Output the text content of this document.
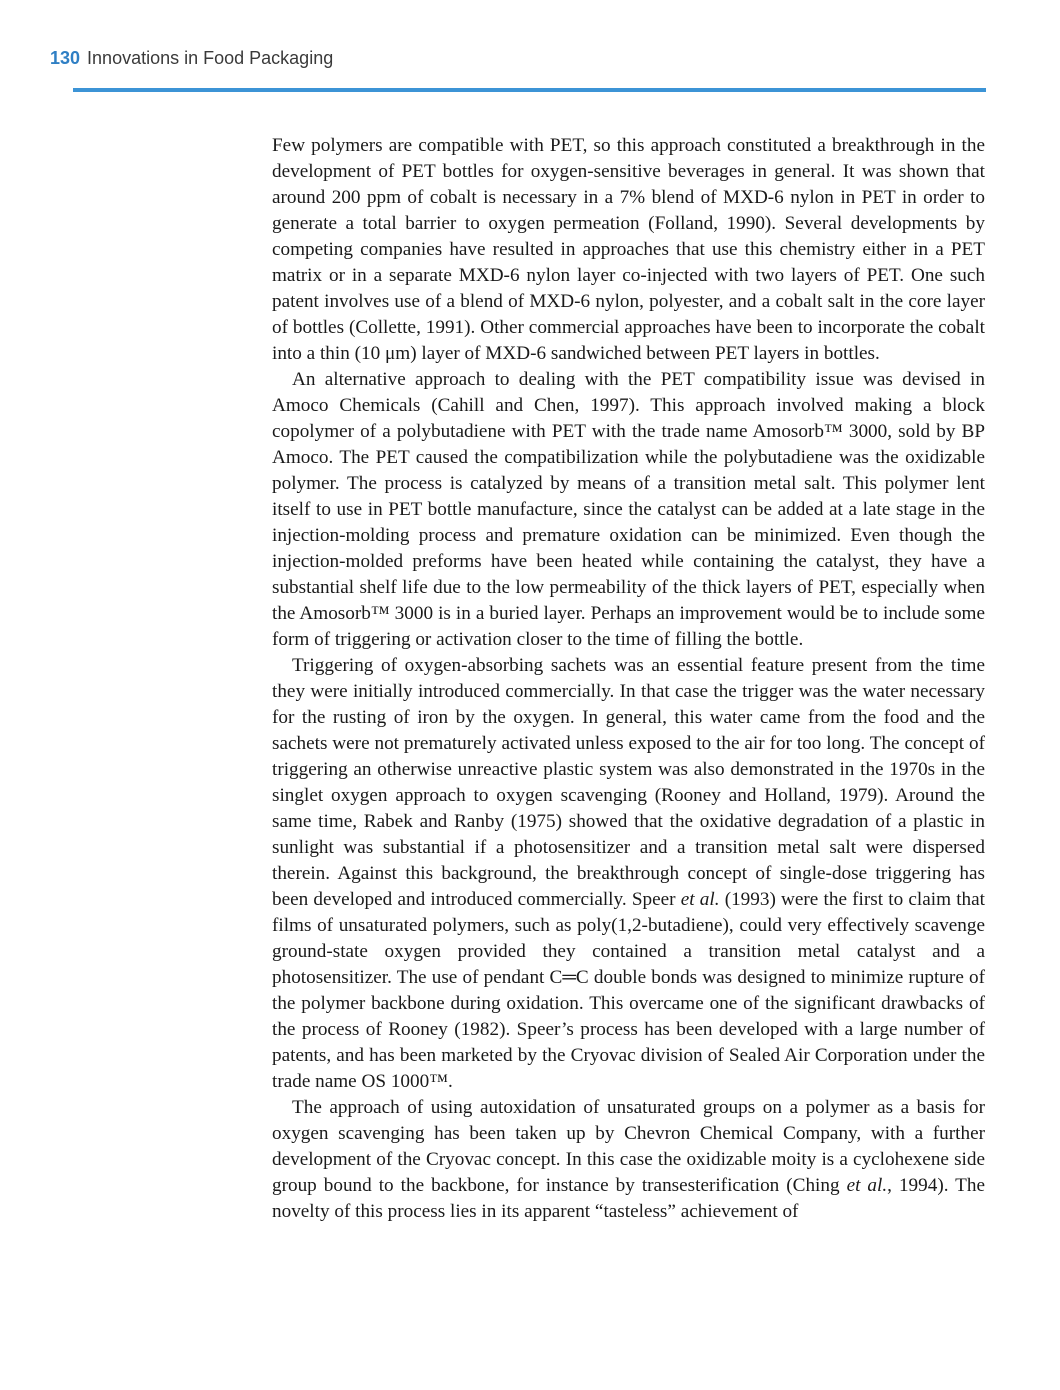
130 Innovations in Food Packaging

Few polymers are compatible with PET, so this approach constituted a breakthrough in the development of PET bottles for oxygen-sensitive beverages in general. It was shown that around 200 ppm of cobalt is necessary in a 7% blend of MXD-6 nylon in PET in order to generate a total barrier to oxygen permeation (Folland, 1990). Several developments by competing companies have resulted in approaches that use this chemistry either in a PET matrix or in a separate MXD-6 nylon layer co-injected with two layers of PET. One such patent involves use of a blend of MXD-6 nylon, polyester, and a cobalt salt in the core layer of bottles (Collette, 1991). Other commercial approaches have been to incorporate the cobalt into a thin (10 μm) layer of MXD-6 sandwiched between PET layers in bottles.

An alternative approach to dealing with the PET compatibility issue was devised in Amoco Chemicals (Cahill and Chen, 1997). This approach involved making a block copolymer of a polybutadiene with PET with the trade name Amosorb™ 3000, sold by BP Amoco. The PET caused the compatibilization while the polybutadiene was the oxidizable polymer. The process is catalyzed by means of a transition metal salt. This polymer lent itself to use in PET bottle manufacture, since the catalyst can be added at a late stage in the injection-molding process and premature oxidation can be minimized. Even though the injection-molded preforms have been heated while containing the catalyst, they have a substantial shelf life due to the low permeability of the thick layers of PET, especially when the Amosorb™ 3000 is in a buried layer. Perhaps an improvement would be to include some form of triggering or activation closer to the time of filling the bottle.

Triggering of oxygen-absorbing sachets was an essential feature present from the time they were initially introduced commercially. In that case the trigger was the water necessary for the rusting of iron by the oxygen. In general, this water came from the food and the sachets were not prematurely activated unless exposed to the air for too long. The concept of triggering an otherwise unreactive plastic system was also demonstrated in the 1970s in the singlet oxygen approach to oxygen scavenging (Rooney and Holland, 1979). Around the same time, Rabek and Ranby (1975) showed that the oxidative degradation of a plastic in sunlight was substantial if a photosensitizer and a transition metal salt were dispersed therein. Against this background, the breakthrough concept of single-dose triggering has been developed and introduced commercially. Speer et al. (1993) were the first to claim that films of unsaturated polymers, such as poly(1,2-butadiene), could very effectively scavenge ground-state oxygen provided they contained a transition metal catalyst and a photosensitizer. The use of pendant C═C double bonds was designed to minimize rupture of the polymer backbone during oxidation. This overcame one of the significant drawbacks of the process of Rooney (1982). Speer’s process has been developed with a large number of patents, and has been marketed by the Cryovac division of Sealed Air Corporation under the trade name OS 1000™.

The approach of using autoxidation of unsaturated groups on a polymer as a basis for oxygen scavenging has been taken up by Chevron Chemical Company, with a further development of the Cryovac concept. In this case the oxidizable moity is a cyclohexene side group bound to the backbone, for instance by transesterification (Ching et al., 1994). The novelty of this process lies in its apparent “tasteless” achievement of
